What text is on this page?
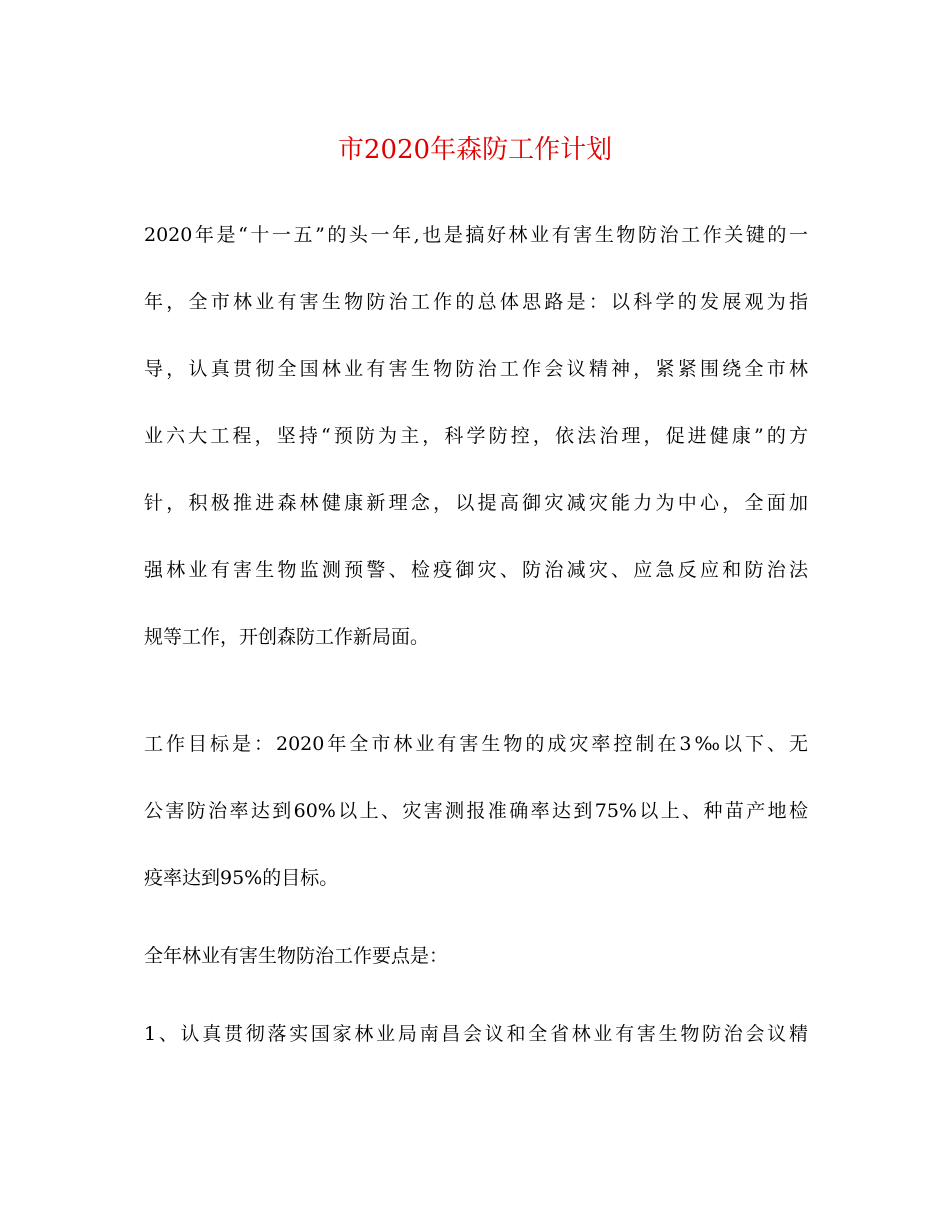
市2020年森防工作计划

2020年是“十一五”的头一年,也是搞好林业有害生物防治工作关键的一

年，全市林业有害生物防治工作的总体思路是：以科学的发展观为指

导，认真贯彻全国林业有害生物防治工作会议精神，紧紧围绕全市林

业六大工程，坚持“预防为主，科学防控，依法治理，促进健康”的方

针，积极推进森林健康新理念，以提高御灾减灾能力为中心，全面加

强林业有害生物监测预警、检疫御灾、防治减灾、应急反应和防治法

规等工作，开创森防工作新局面。

工作目标是：2020年全市林业有害生物的成灾率控制在3‰以下、无

公害防治率达到60%以上、灾害测报准确率达到75%以上、种苗产地检

疫率达到95%的目标。

全年林业有害生物防治工作要点是：

1、认真贯彻落实国家林业局南昌会议和全省林业有害生物防治会议精
